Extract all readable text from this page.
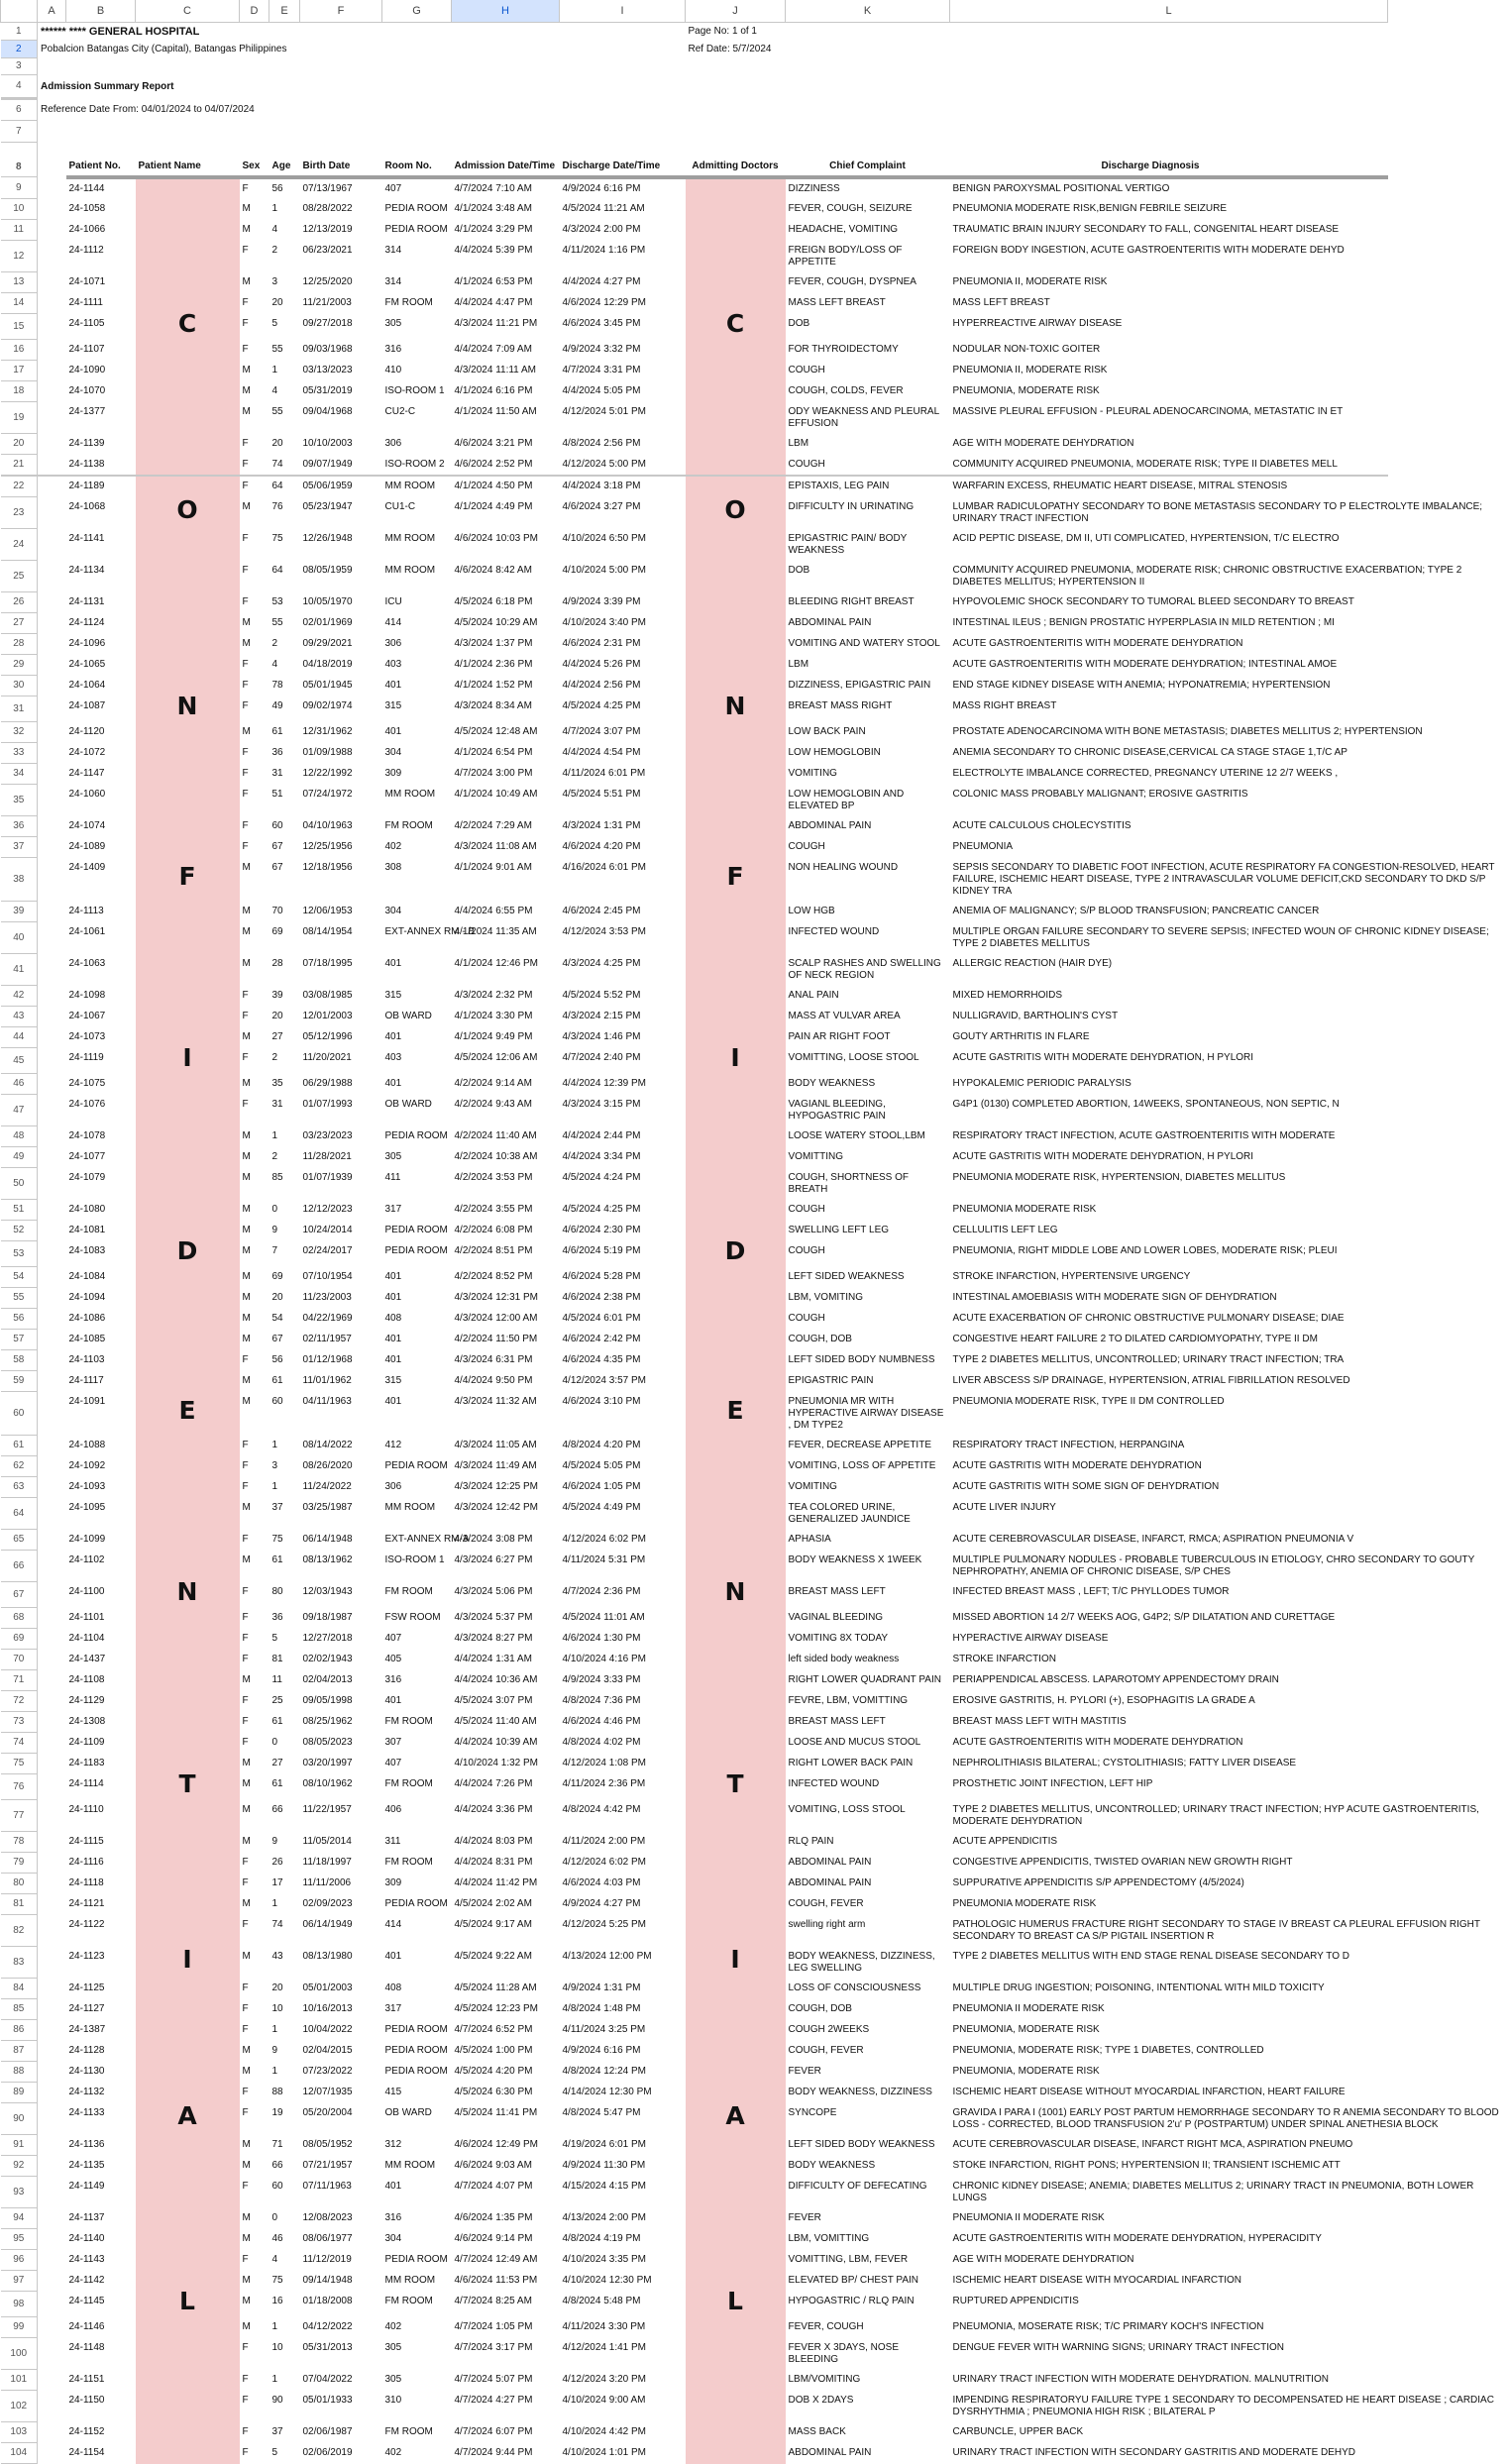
	A	B	C	D	E	F	G	H	I	J	K	L
1	****** **** GENERAL HOSPITAL									Page No: 1 of 1		
2	Pobalcion Batangas City (Capital), Batangas Philippines									Ref Date: 5/7/2024		
3												
4	Admission Summary Report											
6	Reference Date From: 04/01/2024 to 04/07/2024											
7												
8		Patient No.	Patient Name	Sex	Age	Birth Date	Room No.	Admission Date/Time	Discharge Date/Time	Admitting Doctors	Chief Complaint	Discharge Diagnosis
9		24-1144		F	56	07/13/1967	407	4/7/2024 7:10 AM	4/9/2024 6:16 PM		DIZZINESS	BENIGN PAROXYSMAL POSITIONAL VERTIGO

10		24-1058		M	1	08/28/2022	PEDIA ROOM	4/1/2024 3:48 AM	4/5/2024 11:21 AM		FEVER, COUGH, SEIZURE	PNEUMONIA MODERATE RISK,BENIGN FEBRILE SEIZURE

11		24-1066		M	4	12/13/2019	PEDIA ROOM	4/1/2024 3:29 PM	4/3/2024 2:00 PM		HEADACHE, VOMITING	TRAUMATIC BRAIN INJURY SECONDARY TO FALL, CONGENITAL HEART DISEASE

12		24-1112		F	2	06/23/2021	314	4/4/2024 5:39 PM	4/11/2024 1:16 PM		FREIGN BODY/LOSS OF APPETITE	FOREIGN BODY INGESTION, ACUTE GASTROENTERITIS WITH MODERATE DEHYD

13		24-1071		M	3	12/25/2020	314	4/1/2024 6:53 PM	4/4/2024 4:27 PM		FEVER, COUGH, DYSPNEA	PNEUMONIA II, MODERATE RISK

14		24-1111		F	20	11/21/2003	FM ROOM	4/4/2024 4:47 PM	4/6/2024 12:29 PM		MASS LEFT BREAST	MASS LEFT BREAST

15		24-1105	C	F	5	09/27/2018	305	4/3/2024 11:21 PM	4/6/2024 3:45 PM	C	DOB	HYPERREACTIVE AIRWAY DISEASE

16		24-1107		F	55	09/03/1968	316	4/4/2024 7:09 AM	4/9/2024 3:32 PM		FOR THYROIDECTOMY	NODULAR NON-TOXIC GOITER

17		24-1090		M	1	03/13/2023	410	4/3/2024 11:11 AM	4/7/2024 3:31 PM		COUGH	PNEUMONIA II, MODERATE RISK

18		24-1070		M	4	05/31/2019	ISO-ROOM 1	4/1/2024 6:16 PM	4/4/2024 5:05 PM		COUGH, COLDS, FEVER	PNEUMONIA, MODERATE RISK

19		24-1377		M	55	09/04/1968	CU2-C	4/1/2024 11:50 AM	4/12/2024 5:01 PM		ODY WEAKNESS AND PLEURAL EFFUSION	MASSIVE PLEURAL EFFUSION - PLEURAL ADENOCARCINOMA, METASTATIC IN ET

20		24-1139		F	20	10/10/2003	306	4/6/2024 3:21 PM	4/8/2024 2:56 PM		LBM	AGE WITH MODERATE DEHYDRATION

21		24-1138		F	74	09/07/1949	ISO-ROOM 2	4/6/2024 2:52 PM	4/12/2024 5:00 PM		COUGH	COMMUNITY ACQUIRED PNEUMONIA, MODERATE RISK; TYPE II DIABETES MELL

22		24-1189		F	64	05/06/1959	MM ROOM	4/1/2024 4:50 PM	4/4/2024 3:18 PM		EPISTAXIS, LEG PAIN	WARFARIN EXCESS, RHEUMATIC HEART DISEASE, MITRAL STENOSIS

23		24-1068	O	M	76	05/23/1947	CU1-C	4/1/2024 4:49 PM	4/6/2024 3:27 PM	O	DIFFICULTY IN URINATING	LUMBAR RADICULOPATHY SECONDARY TO BONE METASTASIS SECONDARY TO P ELECTROLYTE IMBALANCE; URINARY TRACT INFECTION

24		24-1141		F	75	12/26/1948	MM ROOM	4/6/2024 10:03 PM	4/10/2024 6:50 PM		EPIGASTRIC PAIN/ BODY WEAKNESS	ACID PEPTIC DISEASE, DM II, UTI COMPLICATED, HYPERTENSION, T/C ELECTRO

25		24-1134		F	64	08/05/1959	MM ROOM	4/6/2024 8:42 AM	4/10/2024 5:00 PM		DOB	COMMUNITY ACQUIRED PNEUMONIA, MODERATE RISK; CHRONIC OBSTRUCTIVE EXACERBATION; TYPE 2 DIABETES MELLITUS; HYPERTENSION II

26		24-1131		F	53	10/05/1970	ICU	4/5/2024 6:18 PM	4/9/2024 3:39 PM		BLEEDING RIGHT BREAST	HYPOVOLEMIC SHOCK SECONDARY TO TUMORAL BLEED SECONDARY TO BREAST

27		24-1124		M	55	02/01/1969	414	4/5/2024 10:29 AM	4/10/2024 3:40 PM		ABDOMINAL PAIN	INTESTINAL ILEUS ; BENIGN PROSTATIC HYPERPLASIA IN MILD RETENTION ; MI

28		24-1096		M	2	09/29/2021	306	4/3/2024 1:37 PM	4/6/2024 2:31 PM		VOMITING AND WATERY STOOL	ACUTE GASTROENTERITIS WITH MODERATE DEHYDRATION

29		24-1065		F	4	04/18/2019	403	4/1/2024 2:36 PM	4/4/2024 5:26 PM		LBM	ACUTE GASTROENTERITIS WITH MODERATE DEHYDRATION; INTESTINAL AMOE

30		24-1064		F	78	05/01/1945	401	4/1/2024 1:52 PM	4/4/2024 2:56 PM		DIZZINESS, EPIGASTRIC PAIN	END STAGE KIDNEY DISEASE WITH ANEMIA; HYPONATREMIA; HYPERTENSION

31		24-1087	N	F	49	09/02/1974	315	4/3/2024 8:34 AM	4/5/2024 4:25 PM	N	BREAST MASS RIGHT	MASS RIGHT BREAST

32		24-1120		M	61	12/31/1962	401	4/5/2024 12:48 AM	4/7/2024 3:07 PM		LOW BACK PAIN	PROSTATE ADENOCARCINOMA WITH BONE METASTASIS; DIABETES MELLITUS 2; HYPERTENSION

33		24-1072		F	36	01/09/1988	304	4/1/2024 6:54 PM	4/4/2024 4:54 PM		LOW HEMOGLOBIN	ANEMIA SECONDARY TO CHRONIC DISEASE,CERVICAL CA STAGE STAGE 1,T/C AP

34		24-1147		F	31	12/22/1992	309	4/7/2024 3:00 PM	4/11/2024 6:01 PM		VOMITING	ELECTROLYTE IMBALANCE CORRECTED, PREGNANCY UTERINE 12 2/7 WEEKS ,

35		24-1060		F	51	07/24/1972	MM ROOM	4/1/2024 10:49 AM	4/5/2024 5:51 PM		LOW HEMOGLOBIN AND ELEVATED BP	COLONIC MASS PROBABLY MALIGNANT; EROSIVE GASTRITIS

36		24-1074		F	60	04/10/1963	FM ROOM	4/2/2024 7:29 AM	4/3/2024 1:31 PM		ABDOMINAL PAIN	ACUTE CALCULOUS CHOLECYSTITIS

37		24-1089		F	67	12/25/1956	402	4/3/2024 11:08 AM	4/6/2024 4:20 PM		COUGH	PNEUMONIA

38		24-1409	F	M	67	12/18/1956	308	4/1/2024 9:01 AM	4/16/2024 6:01 PM	F	NON HEALING WOUND	SEPSIS SECONDARY TO DIABETIC FOOT INFECTION, ACUTE RESPIRATORY FA CONGESTION-RESOLVED, HEART FAILURE, ISCHEMIC HEART DISEASE, TYPE 2 INTRAVASCULAR VOLUME DEFICIT,CKD SECONDARY TO DKD S/P KIDNEY TRA

39		24-1113		M	70	12/06/1953	304	4/4/2024 6:55 PM	4/6/2024 2:45 PM		LOW HGB	ANEMIA OF MALIGNANCY; S/P BLOOD TRANSFUSION; PANCREATIC CANCER

40		24-1061		M	69	08/14/1954	EXT-ANNEX RM - B	4/1/2024 11:35 AM	4/12/2024 3:53 PM		INFECTED WOUND	MULTIPLE ORGAN FAILURE SECONDARY TO SEVERE SEPSIS; INFECTED WOUN OF CHRONIC KIDNEY DISEASE; TYPE 2 DIABETES MELLITUS

41		24-1063		M	28	07/18/1995	401	4/1/2024 12:46 PM	4/3/2024 4:25 PM		SCALP RASHES AND SWELLING OF NECK REGION	ALLERGIC REACTION (HAIR DYE)

42		24-1098		F	39	03/08/1985	315	4/3/2024 2:32 PM	4/5/2024 5:52 PM		ANAL PAIN	MIXED HEMORRHOIDS

43		24-1067		F	20	12/01/2003	OB WARD	4/1/2024 3:30 PM	4/3/2024 2:15 PM		MASS AT VULVAR AREA	NULLIGRAVID, BARTHOLIN'S CYST

44		24-1073		M	27	05/12/1996	401	4/1/2024 9:49 PM	4/3/2024 1:46 PM		PAIN AR RIGHT FOOT	GOUTY ARTHRITIS IN FLARE

45		24-1119	I	F	2	11/20/2021	403	4/5/2024 12:06 AM	4/7/2024 2:40 PM	I	VOMITTING, LOOSE STOOL	ACUTE GASTRITIS WITH MODERATE DEHYDRATION, H PYLORI

46		24-1075		M	35	06/29/1988	401	4/2/2024 9:14 AM	4/4/2024 12:39 PM		BODY WEAKNESS	HYPOKALEMIC PERIODIC PARALYSIS

47		24-1076		F	31	01/07/1993	OB WARD	4/2/2024 9:43 AM	4/3/2024 3:15 PM		VAGIANL BLEEDING, HYPOGASTRIC PAIN	G4P1 (0130) COMPLETED ABORTION, 14WEEKS, SPONTANEOUS, NON SEPTIC, N

48		24-1078		M	1	03/23/2023	PEDIA ROOM	4/2/2024 11:40 AM	4/4/2024 2:44 PM		LOOSE WATERY STOOL,LBM	RESPIRATORY TRACT INFECTION, ACUTE GASTROENTERITIS WITH MODERATE

49		24-1077		M	2	11/28/2021	305	4/2/2024 10:38 AM	4/4/2024 3:34 PM		VOMITTING	ACUTE GASTRITIS WITH MODERATE DEHYDRATION, H PYLORI

50		24-1079		M	85	01/07/1939	411	4/2/2024 3:53 PM	4/5/2024 4:24 PM		COUGH, SHORTNESS OF BREATH	PNEUMONIA MODERATE RISK, HYPERTENSION, DIABETES MELLITUS

51		24-1080		M	0	12/12/2023	317	4/2/2024 3:55 PM	4/5/2024 4:25 PM		COUGH	PNEUMONIA MODERATE RISK

52		24-1081		M	9	10/24/2014	PEDIA ROOM	4/2/2024 6:08 PM	4/6/2024 2:30 PM		SWELLING LEFT LEG	CELLULITIS LEFT LEG

53		24-1083	D	M	7	02/24/2017	PEDIA ROOM	4/2/2024 8:51 PM	4/6/2024 5:19 PM	D	COUGH	PNEUMONIA, RIGHT MIDDLE LOBE AND LOWER LOBES, MODERATE RISK; PLEUI

54		24-1084		M	69	07/10/1954	401	4/2/2024 8:52 PM	4/6/2024 5:28 PM		LEFT SIDED WEAKNESS	STROKE INFARCTION, HYPERTENSIVE URGENCY

55		24-1094		M	20	11/23/2003	401	4/3/2024 12:31 PM	4/6/2024 2:38 PM		LBM, VOMITING	INTESTINAL AMOEBIASIS WITH MODERATE SIGN OF DEHYDRATION

56		24-1086		M	54	04/22/1969	408	4/3/2024 12:00 AM	4/5/2024 6:01 PM		COUGH	ACUTE EXACERBATION OF CHRONIC OBSTRUCTIVE PULMONARY DISEASE; DIAE

57		24-1085		M	67	02/11/1957	401	4/2/2024 11:50 PM	4/6/2024 2:42 PM		COUGH, DOB	CONGESTIVE HEART FAILURE 2 TO DILATED CARDIOMYOPATHY, TYPE II DM

58		24-1103		F	56	01/12/1968	401	4/3/2024 6:31 PM	4/6/2024 4:35 PM		LEFT SIDED BODY NUMBNESS	TYPE 2 DIABETES MELLITUS, UNCONTROLLED; URINARY TRACT INFECTION; TRA

59		24-1117		M	61	11/01/1962	315	4/4/2024 9:50 PM	4/12/2024 3:57 PM		EPIGASTRIC PAIN	LIVER ABSCESS S/P DRAINAGE, HYPERTENSION, ATRIAL FIBRILLATION RESOLVED

60		24-1091	E	M	60	04/11/1963	401	4/3/2024 11:32 AM	4/6/2024 3:10 PM	E	PNEUMONIA MR WITH HYPERACTIVE AIRWAY DISEASE , DM TYPE2	PNEUMONIA MODERATE RISK, TYPE II DM CONTROLLED

61		24-1088		F	1	08/14/2022	412	4/3/2024 11:05 AM	4/8/2024 4:20 PM		FEVER, DECREASE APPETITE	RESPIRATORY TRACT INFECTION, HERPANGINA

62		24-1092		F	3	08/26/2020	PEDIA ROOM	4/3/2024 11:49 AM	4/5/2024 5:05 PM		VOMITING, LOSS OF APPETITE	ACUTE GASTRITIS WITH MODERATE DEHYDRATION

63		24-1093		F	1	11/24/2022	306	4/3/2024 12:25 PM	4/6/2024 1:05 PM		VOMITING	ACUTE GASTRITIS WITH SOME SIGN OF DEHYDRATION

64		24-1095		M	37	03/25/1987	MM ROOM	4/3/2024 12:42 PM	4/5/2024 4:49 PM		TEA COLORED URINE, GENERALIZED JAUNDICE	ACUTE LIVER INJURY

65		24-1099		F	75	06/14/1948	EXT-ANNEX RM-A	4/3/2024 3:08 PM	4/12/2024 6:02 PM		APHASIA	ACUTE CEREBROVASCULAR DISEASE, INFARCT, RMCA; ASPIRATION PNEUMONIA V

66		24-1102		M	61	08/13/1962	ISO-ROOM 1	4/3/2024 6:27 PM	4/11/2024 5:31 PM		BODY WEAKNESS X 1WEEK	MULTIPLE PULMONARY NODULES - PROBABLE TUBERCULOUS IN ETIOLOGY, CHRO SECONDARY TO GOUTY NEPHROPATHY, ANEMIA OF CHRONIC DISEASE, S/P CHES

67		24-1100	N	F	80	12/03/1943	FM ROOM	4/3/2024 5:06 PM	4/7/2024 2:36 PM	N	BREAST MASS LEFT	INFECTED BREAST MASS , LEFT; T/C PHYLLODES TUMOR

68		24-1101		F	36	09/18/1987	FSW ROOM	4/3/2024 5:37 PM	4/5/2024 11:01 AM		VAGINAL BLEEDING	MISSED ABORTION 14 2/7 WEEKS AOG, G4P2; S/P DILATATION AND CURETTAGE

69		24-1104		F	5	12/27/2018	407	4/3/2024 8:27 PM	4/6/2024 1:30 PM		VOMITING 8X TODAY	HYPERACTIVE AIRWAY DISEASE

70		24-1437		F	81	02/02/1943	405	4/4/2024 1:31 AM	4/10/2024 4:16 PM		left sided body weakness	STROKE INFARCTION

71		24-1108		M	11	02/04/2013	316	4/4/2024 10:36 AM	4/9/2024 3:33 PM		RIGHT LOWER QUADRANT PAIN	PERIAPPENDICAL ABSCESS. LAPAROTOMY APPENDECTOMY DRAIN

72		24-1129		F	25	09/05/1998	401	4/5/2024 3:07 PM	4/8/2024 7:36 PM		FEVRE, LBM, VOMITTING	EROSIVE GASTRITIS, H. PYLORI (+), ESOPHAGITIS LA GRADE A

73		24-1308		F	61	08/25/1962	FM ROOM	4/5/2024 11:40 AM	4/6/2024 4:46 PM		BREAST MASS LEFT	BREAST MASS LEFT WITH MASTITIS

74		24-1109		F	0	08/05/2023	307	4/4/2024 10:39 AM	4/8/2024 4:02 PM		LOOSE AND MUCUS STOOL	ACUTE GASTROENTERITIS WITH MODERATE DEHYDRATION

75		24-1183		M	27	03/20/1997	407	4/10/2024 1:32 PM	4/12/2024 1:08 PM		RIGHT LOWER BACK PAIN	NEPHROLITHIASIS BILATERAL; CYSTOLITHIASIS; FATTY LIVER DISEASE

76		24-1114	T	M	61	08/10/1962	FM ROOM	4/4/2024 7:26 PM	4/11/2024 2:36 PM	T	INFECTED WOUND	PROSTHETIC JOINT INFECTION, LEFT HIP

77		24-1110		M	66	11/22/1957	406	4/4/2024 3:36 PM	4/8/2024 4:42 PM		VOMITING, LOSS STOOL	TYPE 2 DIABETES MELLITUS, UNCONTROLLED; URINARY TRACT INFECTION; HYP ACUTE GASTROENTERITIS, MODERATE DEHYDRATION

78		24-1115		M	9	11/05/2014	311	4/4/2024 8:03 PM	4/11/2024 2:00 PM		RLQ PAIN	ACUTE APPENDICITIS

79		24-1116		F	26	11/18/1997	FM ROOM	4/4/2024 8:31 PM	4/12/2024 6:02 PM		ABDOMINAL PAIN	CONGESTIVE APPENDICITIS, TWISTED OVARIAN NEW GROWTH RIGHT

80		24-1118		F	17	11/11/2006	309	4/4/2024 11:42 PM	4/6/2024 4:03 PM		ABDOMINAL PAIN	SUPPURATIVE APPENDICITIS S/P APPENDECTOMY (4/5/2024)

81		24-1121		M	1	02/09/2023	PEDIA ROOM	4/5/2024 2:02 AM	4/9/2024 4:27 PM		COUGH, FEVER	PNEUMONIA MODERATE RISK

82		24-1122		F	74	06/14/1949	414	4/5/2024 9:17 AM	4/12/2024 5:25 PM		swelling right arm	PATHOLOGIC HUMERUS FRACTURE RIGHT SECONDARY TO STAGE IV BREAST CA PLEURAL EFFUSION RIGHT SECONDARY TO BREAST CA S/P PIGTAIL INSERTION R

83		24-1123	I	M	43	08/13/1980	401	4/5/2024 9:22 AM	4/13/2024 12:00 PM	I	BODY WEAKNESS, DIZZINESS, LEG SWELLING	TYPE 2 DIABETES MELLITUS WITH END STAGE RENAL DISEASE SECONDARY TO D

84		24-1125		F	20	05/01/2003	408	4/5/2024 11:28 AM	4/9/2024 1:31 PM		LOSS OF CONSCIOUSNESS	MULTIPLE DRUG INGESTION; POISONING, INTENTIONAL WITH MILD TOXICITY

85		24-1127		F	10	10/16/2013	317	4/5/2024 12:23 PM	4/8/2024 1:48 PM		COUGH, DOB	PNEUMONIA II MODERATE RISK

86		24-1387		F	1	10/04/2022	PEDIA ROOM	4/7/2024 6:52 PM	4/11/2024 3:25 PM		COUGH 2WEEKS	PNEUMONIA, MODERATE RISK

87		24-1128		M	9	02/04/2015	PEDIA ROOM	4/5/2024 1:00 PM	4/9/2024 6:16 PM		COUGH, FEVER	PNEUMONIA, MODERATE RISK; TYPE 1 DIABETES, CONTROLLED

88		24-1130		M	1	07/23/2022	PEDIA ROOM	4/5/2024 4:20 PM	4/8/2024 12:24 PM		FEVER	PNEUMONIA, MODERATE RISK

89		24-1132		F	88	12/07/1935	415	4/5/2024 6:30 PM	4/14/2024 12:30 PM		BODY WEAKNESS, DIZZINESS	ISCHEMIC HEART DISEASE WITHOUT MYOCARDIAL INFARCTION, HEART FAILURE

90		24-1133	A	F	19	05/20/2004	OB WARD	4/5/2024 11:41 PM	4/8/2024 5:47 PM	A	SYNCOPE	GRAVIDA I PARA I (1001) EARLY POST PARTUM HEMORRHAGE SECONDARY TO R ANEMIA SECONDARY TO BLOOD LOSS - CORRECTED, BLOOD TRANSFUSION 2'u' P (POSTPARTUM) UNDER SPINAL ANETHESIA BLOCK

91		24-1136		M	71	08/05/1952	312	4/6/2024 12:49 PM	4/19/2024 6:01 PM		LEFT SIDED BODY WEAKNESS	ACUTE CEREBROVASCULAR DISEASE, INFARCT RIGHT MCA, ASPIRATION PNEUMO

92		24-1135		M	66	07/21/1957	MM ROOM	4/6/2024 9:03 AM	4/9/2024 11:30 PM		BODY WEAKNESS	STOKE INFARCTION, RIGHT PONS; HYPERTENSION II; TRANSIENT ISCHEMIC ATT

93		24-1149		F	60	07/11/1963	401	4/7/2024 4:07 PM	4/15/2024 4:15 PM		DIFFICULTY OF DEFECATING	CHRONIC KIDNEY DISEASE; ANEMIA; DIABETES MELLITUS 2; URINARY TRACT IN PNEUMONIA, BOTH LOWER LUNGS

94		24-1137		M	0	12/08/2023	316	4/6/2024 1:35 PM	4/13/2024 2:00 PM		FEVER	PNEUMONIA II MODERATE RISK

95		24-1140		M	46	08/06/1977	304	4/6/2024 9:14 PM	4/8/2024 4:19 PM		LBM, VOMITTING	ACUTE GASTROENTERITIS WITH MODERATE DEHYDRATION, HYPERACIDITY

96		24-1143		F	4	11/12/2019	PEDIA ROOM	4/7/2024 12:49 AM	4/10/2024 3:35 PM		VOMITTING, LBM, FEVER	AGE WITH MODERATE DEHYDRATION

97		24-1142		M	75	09/14/1948	MM ROOM	4/6/2024 11:53 PM	4/10/2024 12:30 PM		ELEVATED BP/ CHEST PAIN	ISCHEMIC HEART DISEASE WITH MYOCARDIAL INFARCTION

98		24-1145	L	M	16	01/18/2008	FM ROOM	4/7/2024 8:25 AM	4/8/2024 5:48 PM	L	HYPOGASTRIC / RLQ PAIN	RUPTURED APPENDICITIS

99		24-1146		M	1	04/12/2022	402	4/7/2024 1:05 PM	4/11/2024 3:30 PM		FEVER, COUGH	PNEUMONIA, MOSERATE RISK; T/C PRIMARY KOCH'S INFECTION

100		24-1148		F	10	05/31/2013	305	4/7/2024 3:17 PM	4/12/2024 1:41 PM		FEVER X 3DAYS, NOSE BLEEDING	DENGUE FEVER WITH WARNING SIGNS; URINARY TRACT INFECTION

101		24-1151		F	1	07/04/2022	305	4/7/2024 5:07 PM	4/12/2024 3:20 PM		LBM/VOMITING	URINARY TRACT INFECTION WITH MODERATE DEHYDRATION. MALNUTRITION

102		24-1150		F	90	05/01/1933	310	4/7/2024 4:27 PM	4/10/2024 9:00 AM		DOB X 2DAYS	IMPENDING RESPIRATORYU FAILURE TYPE 1 SECONDARY TO DECOMPENSATED HE HEART DISEASE ; CARDIAC DYSRHYTHMIA ; PNEUMONIA HIGH RISK ; BILATERAL P

103		24-1152		F	37	02/06/1987	FM ROOM	4/7/2024 6:07 PM	4/10/2024 4:42 PM		MASS BACK	CARBUNCLE, UPPER BACK

104		24-1154		F	5	02/06/2019	402	4/7/2024 9:44 PM	4/10/2024 1:01 PM		ABDOMINAL PAIN	URINARY TRACT INFECTION WITH SECONDARY GASTRITIS AND MODERATE DEHYD
